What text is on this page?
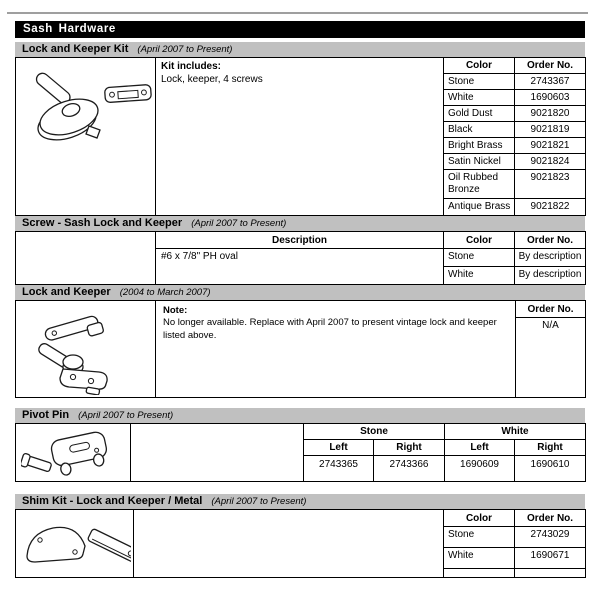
Sash Hardware
Lock and Keeper Kit (April 2007 to Present)

Kit includes:
Lock, keeper, 4 screws	Color	Order No.
		Stone	2743367
		White	1690603
		Gold Dust	9021820
		Black	9021819
		Bright Brass	9021821
		Satin Nickel	9021824
		Oil Rubbed Bronze	9021823
		Antique Brass	9021822
Screw - Sash Lock and Keeper (April 2007 to Present)
	Description	Color	Order No.
	#6 x 7/8" PH oval	Stone	By description
		White	By description
Lock and Keeper (2004 to March 2007)

Note:
No longer available. Replace with April 2007 to present vintage lock and keeper listed above.
	Order No.
N/A
Pivot Pin (April 2007 to Present)
		Stone		White	
		Left	Right	Left	Right
		2743365	2743366	1690609	1690610
Shim Kit - Lock and Keeper / Metal (April 2007 to Present)
		Color	Order No.
		Stone	2743029
		White	1690671
